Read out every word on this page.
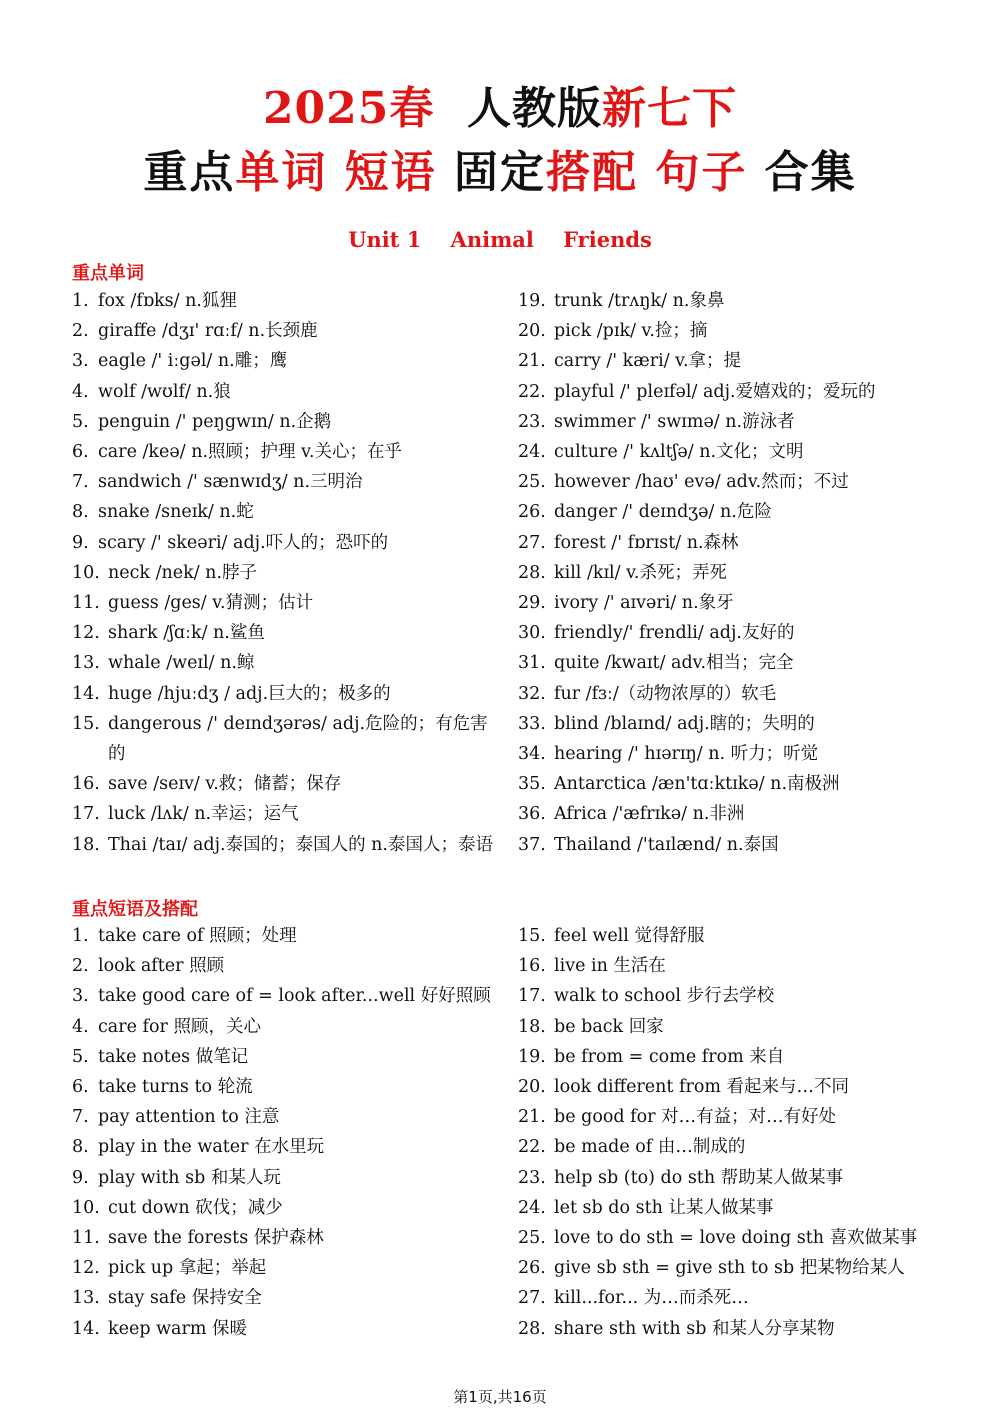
2025春  人教版新七下
重点单词 短语 固定搭配 句子 合集
Unit 1    Animal    Friends
重点单词
1. fox /fɒks/ n.狐狸
2. giraffe /dʒɪ' rɑːf/ n.长颈鹿
3. eagle /' iːgəl/ n.雕；鹰
4. wolf /wʊlf/ n.狼
5. penguin /' peŋgwɪn/ n.企鹅
6. care /keə/ n.照顾；护理 v.关心；在乎
7. sandwich /' sænwɪdʒ/ n.三明治
8. snake /sneɪk/ n.蛇
9. scary /' skeəri/ adj.吓人的；恐吓的
10. neck /nek/ n.脖子
11. guess /ges/ v.猜测；估计
12. shark /ʃɑːk/ n.鲨鱼
13. whale /weɪl/ n.鲸
14. huge /hjuːdʒ / adj.巨大的；极多的
15. dangerous /' deɪndʒərəs/ adj.危险的；有危害的
16. save /seɪv/ v.救；储蓄；保存
17. luck /lʌk/ n.幸运；运气
18. Thai /taɪ/ adj.泰国的；泰国人的 n.泰国人；泰语
19. trunk /trʌŋk/ n.象鼻
20. pick /pɪk/ v.捡；摘
21. carry /' kæri/ v.拿；提
22. playful /' pleɪfəl/ adj.爱嬉戏的；爱玩的
23. swimmer /' swɪmə/ n.游泳者
24. culture /' kʌltʃə/ n.文化；文明
25. however /haʊ' evə/ adv.然而；不过
26. danger /' deɪndʒə/ n.危险
27. forest /' fɒrɪst/ n.森林
28. kill /kɪl/ v.杀死；弄死
29. ivory /' aɪvəri/ n.象牙
30. friendly/' frendli/ adj.友好的
31. quite /kwaɪt/ adv.相当；完全
32. fur /fɜː/（动物浓厚的）软毛
33. blind /blaɪnd/ adj.瞎的；失明的
34. hearing /' hɪərɪŋ/ n. 听力；听觉
35. Antarctica /æn'tɑːktɪkə/ n.南极洲
36. Africa /'æfrɪkə/ n.非洲
37. Thailand /'taɪlænd/ n.泰国
重点短语及搭配
1. take care of 照顾；处理
2. look after 照顾
3. take good care of = look after...well 好好照顾
4. care for 照顾，关心
5. take notes 做笔记
6. take turns to 轮流
7. pay attention to 注意
8. play in the water 在水里玩
9. play with sb 和某人玩
10. cut down 砍伐；减少
11. save the forests 保护森林
12. pick up 拿起；举起
13. stay safe 保持安全
14. keep warm 保暖
15. feel well 觉得舒服
16. live in 生活在
17. walk to school 步行去学校
18. be back 回家
19. be from = come from 来自
20. look different from 看起来与…不同
21. be good for 对…有益；对…有好处
22. be made of 由…制成的
23. help sb (to) do sth 帮助某人做某事
24. let sb do sth 让某人做某事
25. love to do sth = love doing sth 喜欢做某事
26. give sb sth = give sth to sb 把某物给某人
27. kill...for... 为…而杀死…
28. share sth with sb 和某人分享某物
第1页,共16页
